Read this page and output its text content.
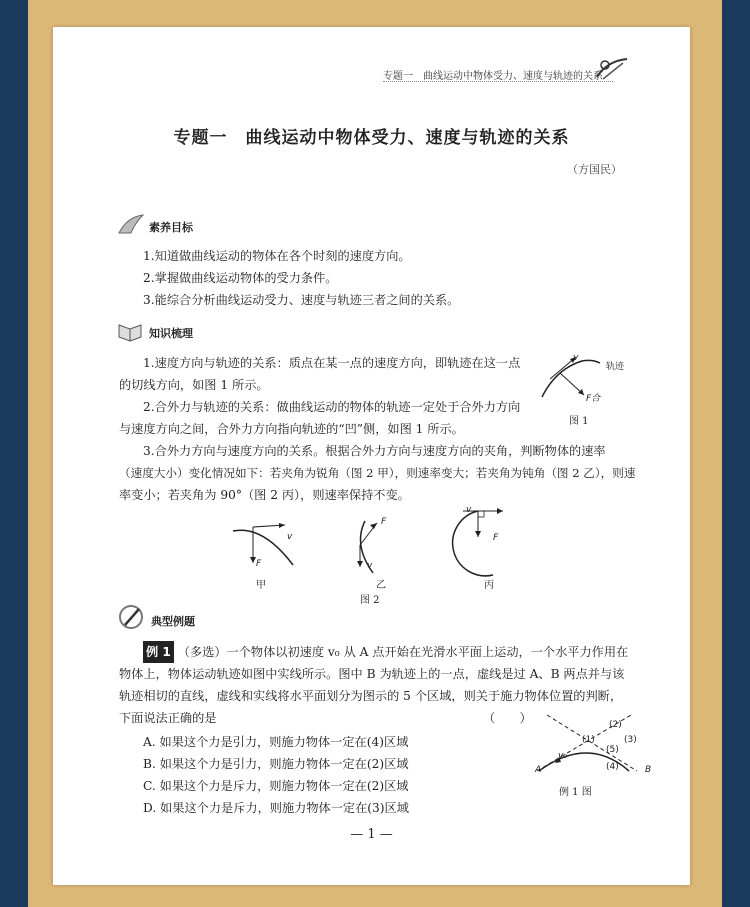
专题一　曲线运动中物体受力、速度与轨迹的关系
专题一　曲线运动中物体受力、速度与轨迹的关系
（方国民）
素养目标
1.知道做曲线运动的物体在各个时刻的速度方向。
2.掌握做曲线运动物体的受力条件。
3.能综合分析曲线运动受力、速度与轨迹三者之间的关系。
知识梳理
1.速度方向与轨迹的关系：质点在某一点的速度方向，即轨迹在这一点
的切线方向，如图 1 所示。
2.合外力与轨迹的关系：做曲线运动的物体的轨迹一定处于合外力方向
与速度方向之间，合外力方向指向轨迹的“凹”侧，如图 1 所示。
3.合外力方向与速度方向的关系。根据合外力方向与速度方向的夹角，判断物体的速率
（速度大小）变化情况如下：若夹角为锐角（图 2 甲），则速率变大；若夹角为钝角（图 2 乙），则速
率变小；若夹角为 90°（图 2 丙），则速率保持不变。
v
轨迹
F合
图 1
v
F
F
v
v
F
甲	乙	丙
图 2
典型例题
例 1 （多选）一个物体以初速度 v₀ 从 A 点开始在光滑水平面上运动，一个水平力作用在
物体上，物体运动轨迹如图中实线所示。图中 B 为轨迹上的一点，虚线是过 A、B 两点并与该
轨迹相切的直线，虚线和实线将水平面划分为图示的 5 个区域，则关于施力物体位置的判断，
下面说法正确的是	（　　）
A. 如果这个力是引力，则施力物体一定在(4)区域
B. 如果这个力是引力，则施力物体一定在(2)区域
C. 如果这个力是斥力，则施力物体一定在(2)区域
D. 如果这个力是斥力，则施力物体一定在(3)区域
(2)
(1)	(3)
(5)
(4)
v₀
A	B
例 1 图
— 1 —
